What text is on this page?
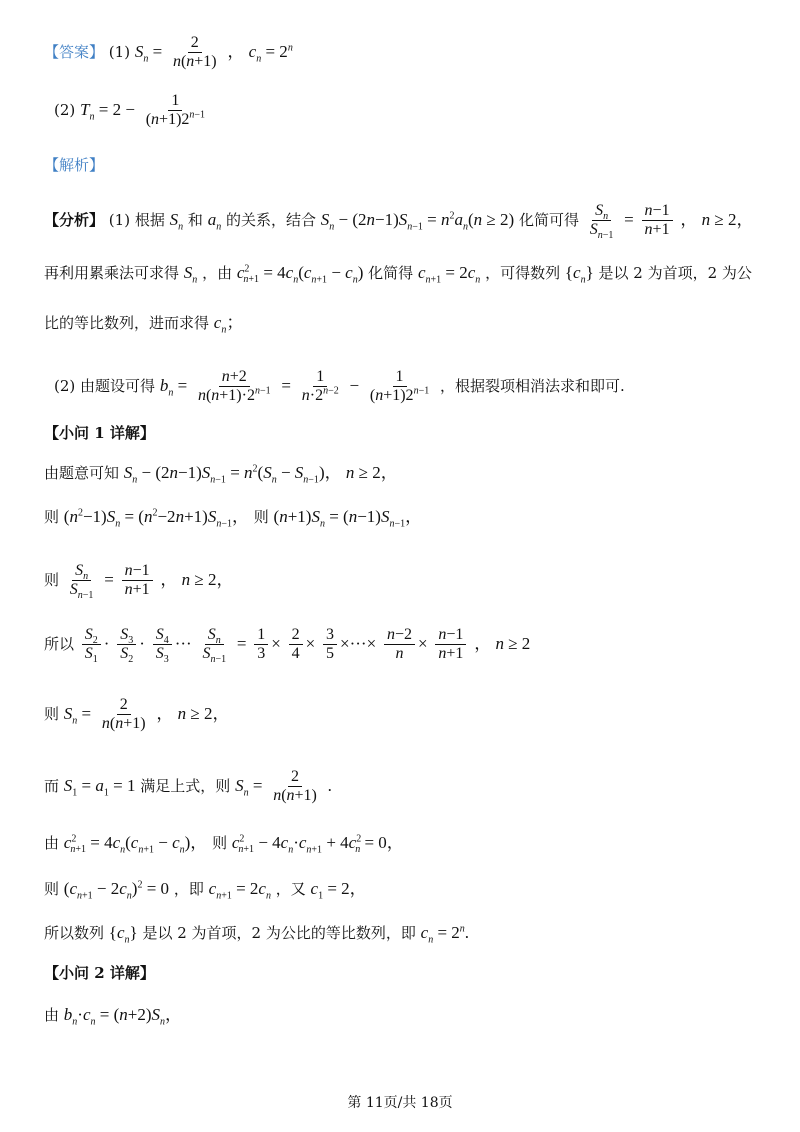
【答案】 (1) $S_n = \frac{2}{n(n+1)}$ ， $c_n = 2^n$
(2) $T_n = 2 - \frac{1}{(n+1)2^{n-1}}$
【解析】
【分析】 (1) 根据 $S_n$ 和 $a_n$ 的关系，结合 $S_n - (2n-1)S_{n-1} = n^2a_n(n \ge 2)$ 化简可得 $\frac{S_n}{S_{n-1}} = \frac{n-1}{n+1}$ ， n ≥ 2，
再利用累乘法可求得 $S_n$ ，由 $c^2_{n+1} = 4c_n(c_{n+1} - c_n)$ 化简得 $c_{n+1} = 2c_n$ ，可得数列 $\{c_n\}$ 是以 2 为首项，2 为公
比的等比数列，进而求得 $c_n$；
(2) 由题设可得 $b_n = \frac{n+2}{n(n+1)\cdot 2^{n-1}} = \frac{1}{n\cdot 2^{n-2}} - \frac{1}{(n+1)2^{n-1}}$ ，根据裂项相消法求和即可.
【小问 1 详解】
由题意可知 $S_n - (2n-1)S_{n-1} = n^2(S_n - S_{n-1})$， n ≥ 2，
则 $(n^2-1)S_n = (n^2-2n+1)S_{n-1}$， 则 $(n+1)S_n = (n-1)S_{n-1}$，
则 $\frac{S_n}{S_{n-1}} = \frac{n-1}{n+1}$ ， n ≥ 2，
所以 $\frac{S_2}{S_1} \cdot \frac{S_3}{S_2} \cdot \frac{S_4}{S_3}$ ··· $\frac{S_n}{S_{n-1}} = \frac{1}{3} \times \frac{2}{4} \times \frac{3}{5}$ ×···× $\frac{n-2}{n} \times \frac{n-1}{n+1}$ ， n ≥ 2
则 $S_n = \frac{2}{n(n+1)}$ ， n ≥ 2，
而 $S_1 = a_1 = 1$ 满足上式，则 $S_n = \frac{2}{n(n+1)}$ .
由 $c^2_{n+1} = 4c_n(c_{n+1} - c_n)$， 则 $c^2_{n+1} - 4c_n\cdot c_{n+1} + 4c^2_n = 0$，
则 $(c_{n+1} - 2c_n)^2 = 0$ ，即 $c_{n+1} = 2c_n$ ，又 $c_1 = 2$，
所以数列 $\{c_n\}$ 是以 2 为首项，2 为公比的等比数列，即 $c_n = 2^n$.
【小问 2 详解】
由 $b_n\cdot c_n = (n+2)S_n$，
第 11页/共 18页
